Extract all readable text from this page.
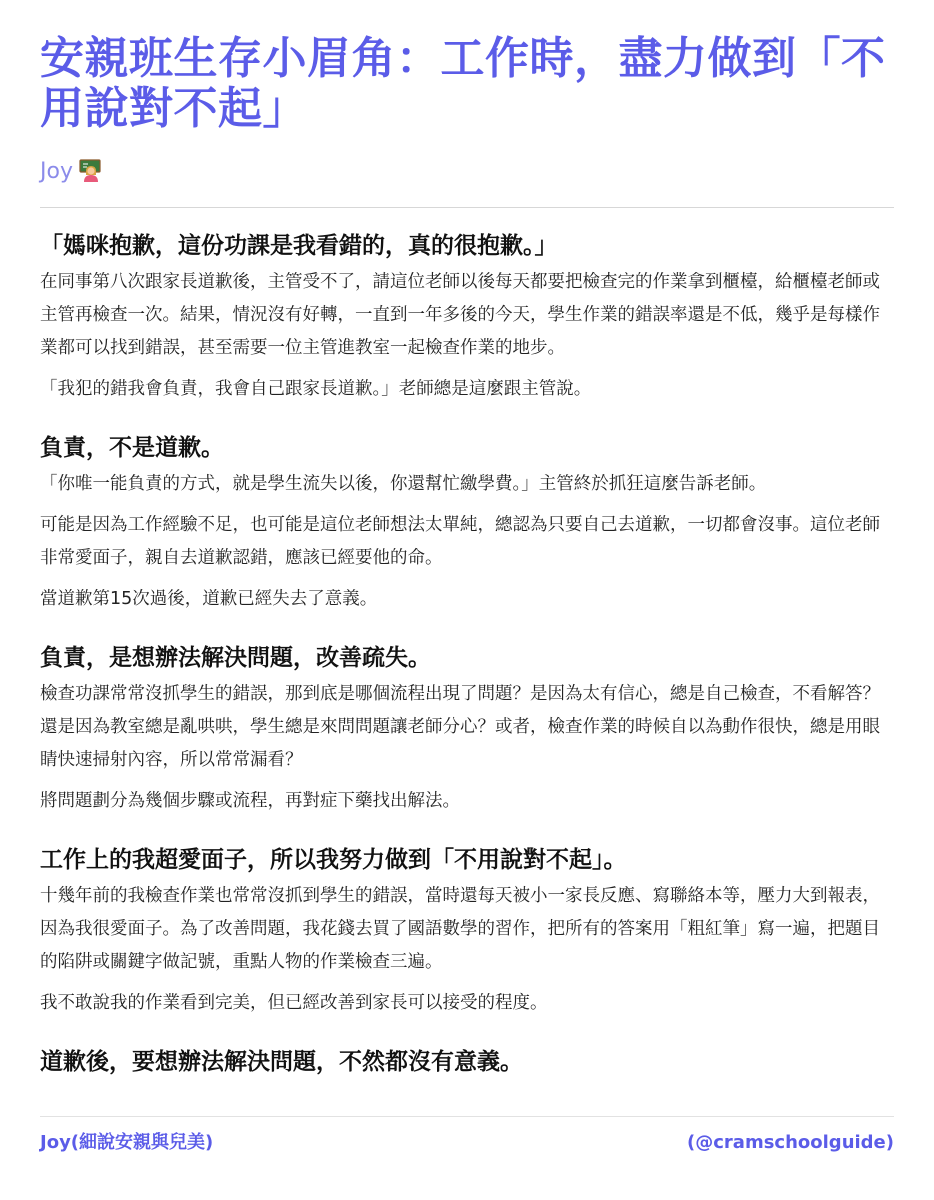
安親班生存小眉角：工作時，盡力做到「不用說對不起」
Joy
「媽咪抱歉，這份功課是我看錯的，真的很抱歉。」

在同事第八次跟家長道歉後，主管受不了，請這位老師以後每天都要把檢查完的作業拿到櫃檯，給櫃檯老師或主管再檢查一次。結果，情況沒有好轉，一直到一年多後的今天，學生作業的錯誤率還是不低，幾乎是每樣作業都可以找到錯誤，甚至需要一位主管進教室一起檢查作業的地步。

「我犯的錯我會負責，我會自己跟家長道歉。」老師總是這麼跟主管說。

負責，不是道歉。

「你唯一能負責的方式，就是學生流失以後，你還幫忙繳學費。」主管終於抓狂這麼告訴老師。

可能是因為工作經驗不足，也可能是這位老師想法太單純，總認為只要自己去道歉，一切都會沒事。這位老師非常愛面子，親自去道歉認錯，應該已經要他的命。

當道歉第15次過後，道歉已經失去了意義。

負責，是想辦法解決問題，改善疏失。

檢查功課常常沒抓學生的錯誤，那到底是哪個流程出現了問題？是因為太有信心，總是自己檢查，不看解答？還是因為教室總是亂哄哄，學生總是來問問題讓老師分心？或者，檢查作業的時候自以為動作很快，總是用眼睛快速掃射內容，所以常常漏看？

將問題劃分為幾個步驟或流程，再對症下藥找出解法。

工作上的我超愛面子，所以我努力做到「不用說對不起」。

十幾年前的我檢查作業也常常沒抓到學生的錯誤，當時還每天被小一家長反應、寫聯絡本等，壓力大到報表，因為我很愛面子。為了改善問題，我花錢去買了國語數學的習作，把所有的答案用「粗紅筆」寫一遍，把題目的陷阱或關鍵字做記號，重點人物的作業檢查三遍。

我不敢說我的作業看到完美，但已經改善到家長可以接受的程度。

道歉後，要想辦法解決問題，不然都沒有意義。
Joy(細說安親與兒美)	(@cramschoolguide)
